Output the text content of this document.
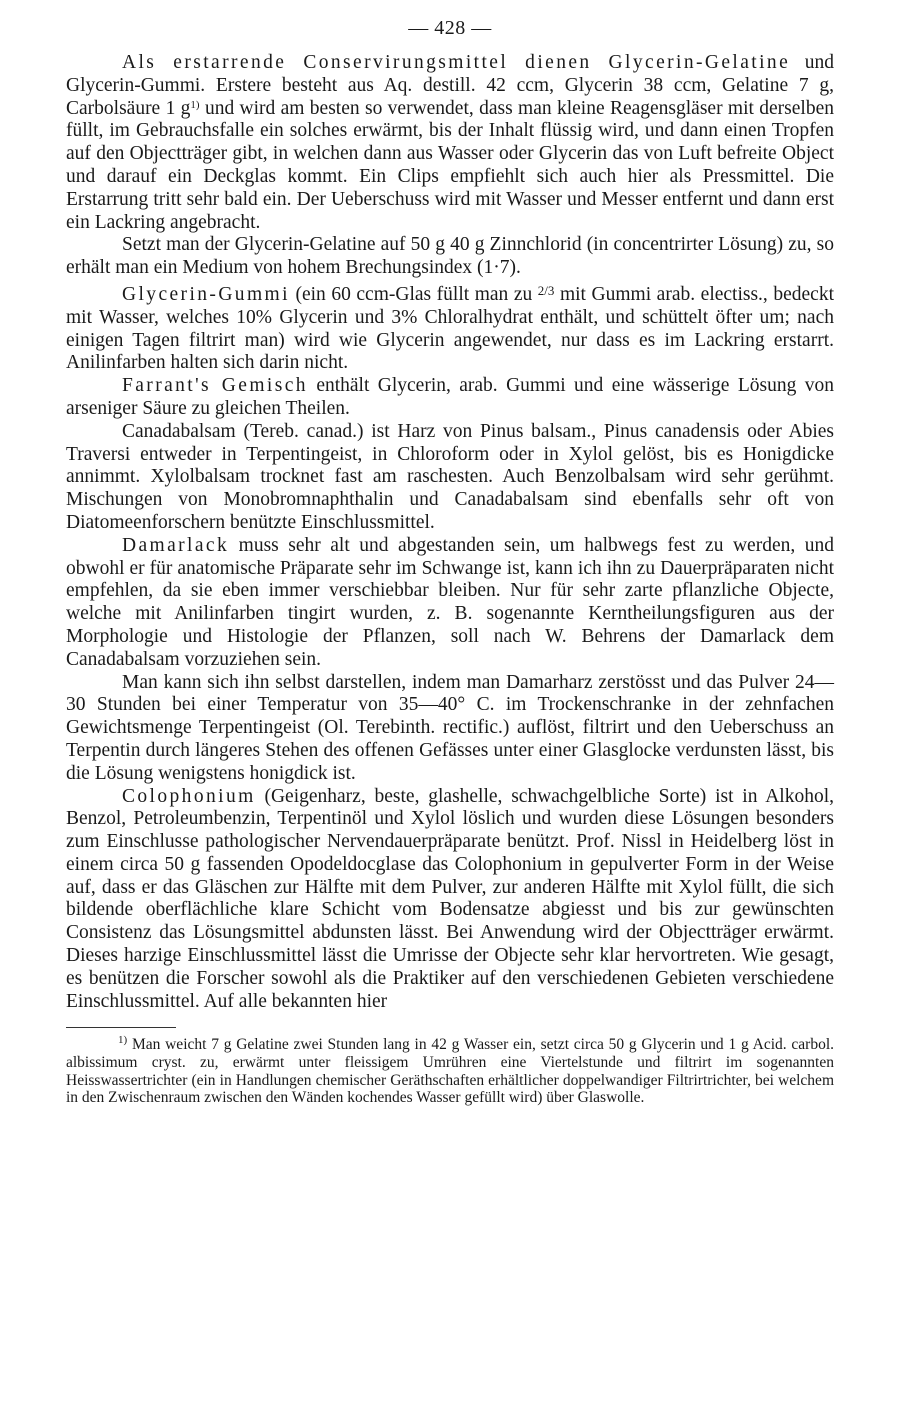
— 428 —

Als erstarrende Conservirungsmittel dienen Glycerin-Gelatine und Glycerin-Gummi. Erstere besteht aus Aq. destill. 42 ccm, Glycerin 38 ccm, Gelatine 7 g, Carbolsäure 1 $g^{1)}$ und wird am besten so verwendet, dass man kleine Reagensgläser mit derselben füllt, im Gebrauchsfalle ein solches erwärmt, bis der Inhalt flüssig wird, und dann einen Tropfen auf den Objectträger gibt, in welchen dann aus Wasser oder Glycerin das von Luft befreite Object und darauf ein Deckglas kommt. Ein Clips empfiehlt sich auch hier als Pressmittel. Die Erstarrung tritt sehr bald ein. Der Ueberschuss wird mit Wasser und Messer entfernt und dann erst ein Lackring angebracht.

Setzt man der Glycerin-Gelatine auf 50 g 40 g Zinnchlorid (in concentrirter Lösung) zu, so erhält man ein Medium von hohem Brechungsindex (1·7).

Glycerin-Gummi (ein 60 ccm-Glas füllt man zu $^{2/3}$ mit Gummi arab. electiss., bedeckt mit Wasser, welches 10% Glycerin und 3% Chloralhydrat enthält, und schüttelt öfter um; nach einigen Tagen filtrirt man) wird wie Glycerin angewendet, nur dass es im Lackring erstarrt. Anilinfarben halten sich darin nicht.

Farrant's Gemisch enthält Glycerin, arab. Gummi und eine wässerige Lösung von arseniger Säure zu gleichen Theilen.

Canadabalsam (Tereb. canad.) ist Harz von Pinus balsam., Pinus canadensis oder Abies Traversi entweder in Terpentingeist, in Chloroform oder in Xylol gelöst, bis es Honigdicke annimmt. Xylolbalsam trocknet fast am raschesten. Auch Benzolbalsam wird sehr gerühmt. Mischungen von Monobromnaphthalin und Canadabalsam sind ebenfalls sehr oft von Diatomeenforschern benützte Einschlussmittel.

Damarlack muss sehr alt und abgestanden sein, um halbwegs fest zu werden, und obwohl er für anatomische Präparate sehr im Schwange ist, kann ich ihn zu Dauerpräparaten nicht empfehlen, da sie eben immer verschiebbar bleiben. Nur für sehr zarte pflanzliche Objecte, welche mit Anilinfarben tingirt wurden, z. B. sogenannte Kerntheilungsfiguren aus der Morphologie und Histologie der Pflanzen, soll nach W. Behrens der Damarlack dem Canadabalsam vorzuziehen sein.

Man kann sich ihn selbst darstellen, indem man Damarharz zerstösst und das Pulver 24—30 Stunden bei einer Temperatur von 35—40° C. im Trockenschranke in der zehnfachen Gewichtsmenge Terpentingeist (Ol. Terebinth. rectific.) auflöst, filtrirt und den Ueberschuss an Terpentin durch längeres Stehen des offenen Gefässes unter einer Glasglocke verdunsten lässt, bis die Lösung wenigstens honigdick ist.

Colophonium (Geigenharz, beste, glashelle, schwachgelbliche Sorte) ist in Alkohol, Benzol, Petroleumbenzin, Terpentinöl und Xylol löslich und wurden diese Lösungen besonders zum Einschlusse pathologischer Nervendauerpräparate benützt. Prof. Nissl in Heidelberg löst in einem circa 50 g fassenden Opodeldocglase das Colophonium in gepulverter Form in der Weise auf, dass er das Gläschen zur Hälfte mit dem Pulver, zur anderen Hälfte mit Xylol füllt, die sich bildende oberflächliche klare Schicht vom Bodensatze abgiesst und bis zur gewünschten Consistenz das Lösungsmittel abdunsten lässt. Bei Anwendung wird der Objectträger erwärmt. Dieses harzige Einschlussmittel lässt die Umrisse der Objecte sehr klar hervortreten. Wie gesagt, es benützen die Forscher sowohl als die Praktiker auf den verschiedenen Gebieten verschiedene Einschlussmittel. Auf alle bekannten hier

$^{1)}$ Man weicht 7 g Gelatine zwei Stunden lang in 42 g Wasser ein, setzt circa 50 g Glycerin und 1 g Acid. carbol. albissimum cryst. zu, erwärmt unter fleissigem Umrühren eine Viertelstunde und filtrirt im sogenannten Heisswassertrichter (ein in Handlungen chemischer Geräthschaften erhältlicher doppelwandiger Filtrirtrichter, bei welchem in den Zwischenraum zwischen den Wänden kochendes Wasser gefüllt wird) über Glaswolle.
